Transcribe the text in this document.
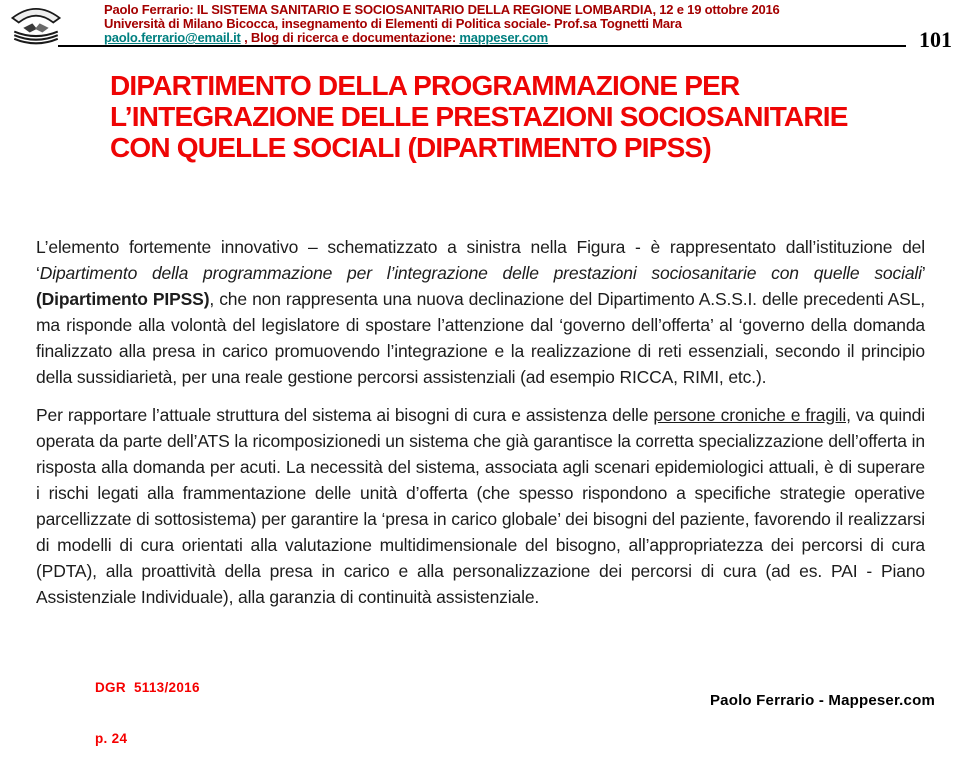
Paolo Ferrario: IL SISTEMA SANITARIO E SOCIOSANITARIO DELLA REGIONE LOMBARDIA, 12 e 19 ottobre 2016
Università di Milano Bicocca, insegnamento di Elementi di Politica sociale- Prof.sa Tognetti Mara
paolo.ferrario@email.it , Blog di ricerca e documentazione: mappeser.com	101
DIPARTIMENTO DELLA PROGRAMMAZIONE PER
L’INTEGRAZIONE DELLE PRESTAZIONI SOCIOSANITARIE
CON QUELLE SOCIALI (DIPARTIMENTO PIPSS)

L’elemento fortemente innovativo – schematizzato a sinistra nella Figura - è rappresentato dall’istituzione del ‘Dipartimento della programmazione per l’integrazione delle prestazioni sociosanitarie con quelle sociali’ (Dipartimento PIPSS), che non rappresenta una nuova declinazione del Dipartimento A.S.S.I. delle precedenti ASL, ma risponde alla volontà del legislatore di spostare l’attenzione dal ‘governo dell’offerta’ al ‘governo della domanda finalizzato alla presa in carico promuovendo l’integrazione e la realizzazione di reti essenziali, secondo il principio della sussidiarietà, per una reale gestione percorsi assistenziali (ad esempio RICCA, RIMI, etc.).

Per rapportare l’attuale struttura del sistema ai bisogni di cura e assistenza delle persone croniche e fragili, va quindi operata da parte dell’ATS la ricomposizionedi un sistema che già garantisce la corretta specializzazione dell’offerta in risposta alla domanda per acuti. La necessità del sistema, associata agli scenari epidemiologici attuali, è di superare i rischi legati alla frammentazione delle unità d’offerta (che spesso rispondono a specifiche strategie operative parcellizzate di sottosistema) per garantire la ‘presa in carico globale’ dei bisogni del paziente, favorendo il realizzarsi di modelli di cura orientati alla valutazione multidimensionale del bisogno, all’appropriatezza dei percorsi di cura (PDTA), alla proattività della presa in carico e alla personalizzazione dei percorsi di cura (ad es. PAI - Piano Assistenziale Individuale), alla garanzia di continuità assistenziale.

DGR  5113/2016

p. 24

Paolo Ferrario - Mappeser.com
